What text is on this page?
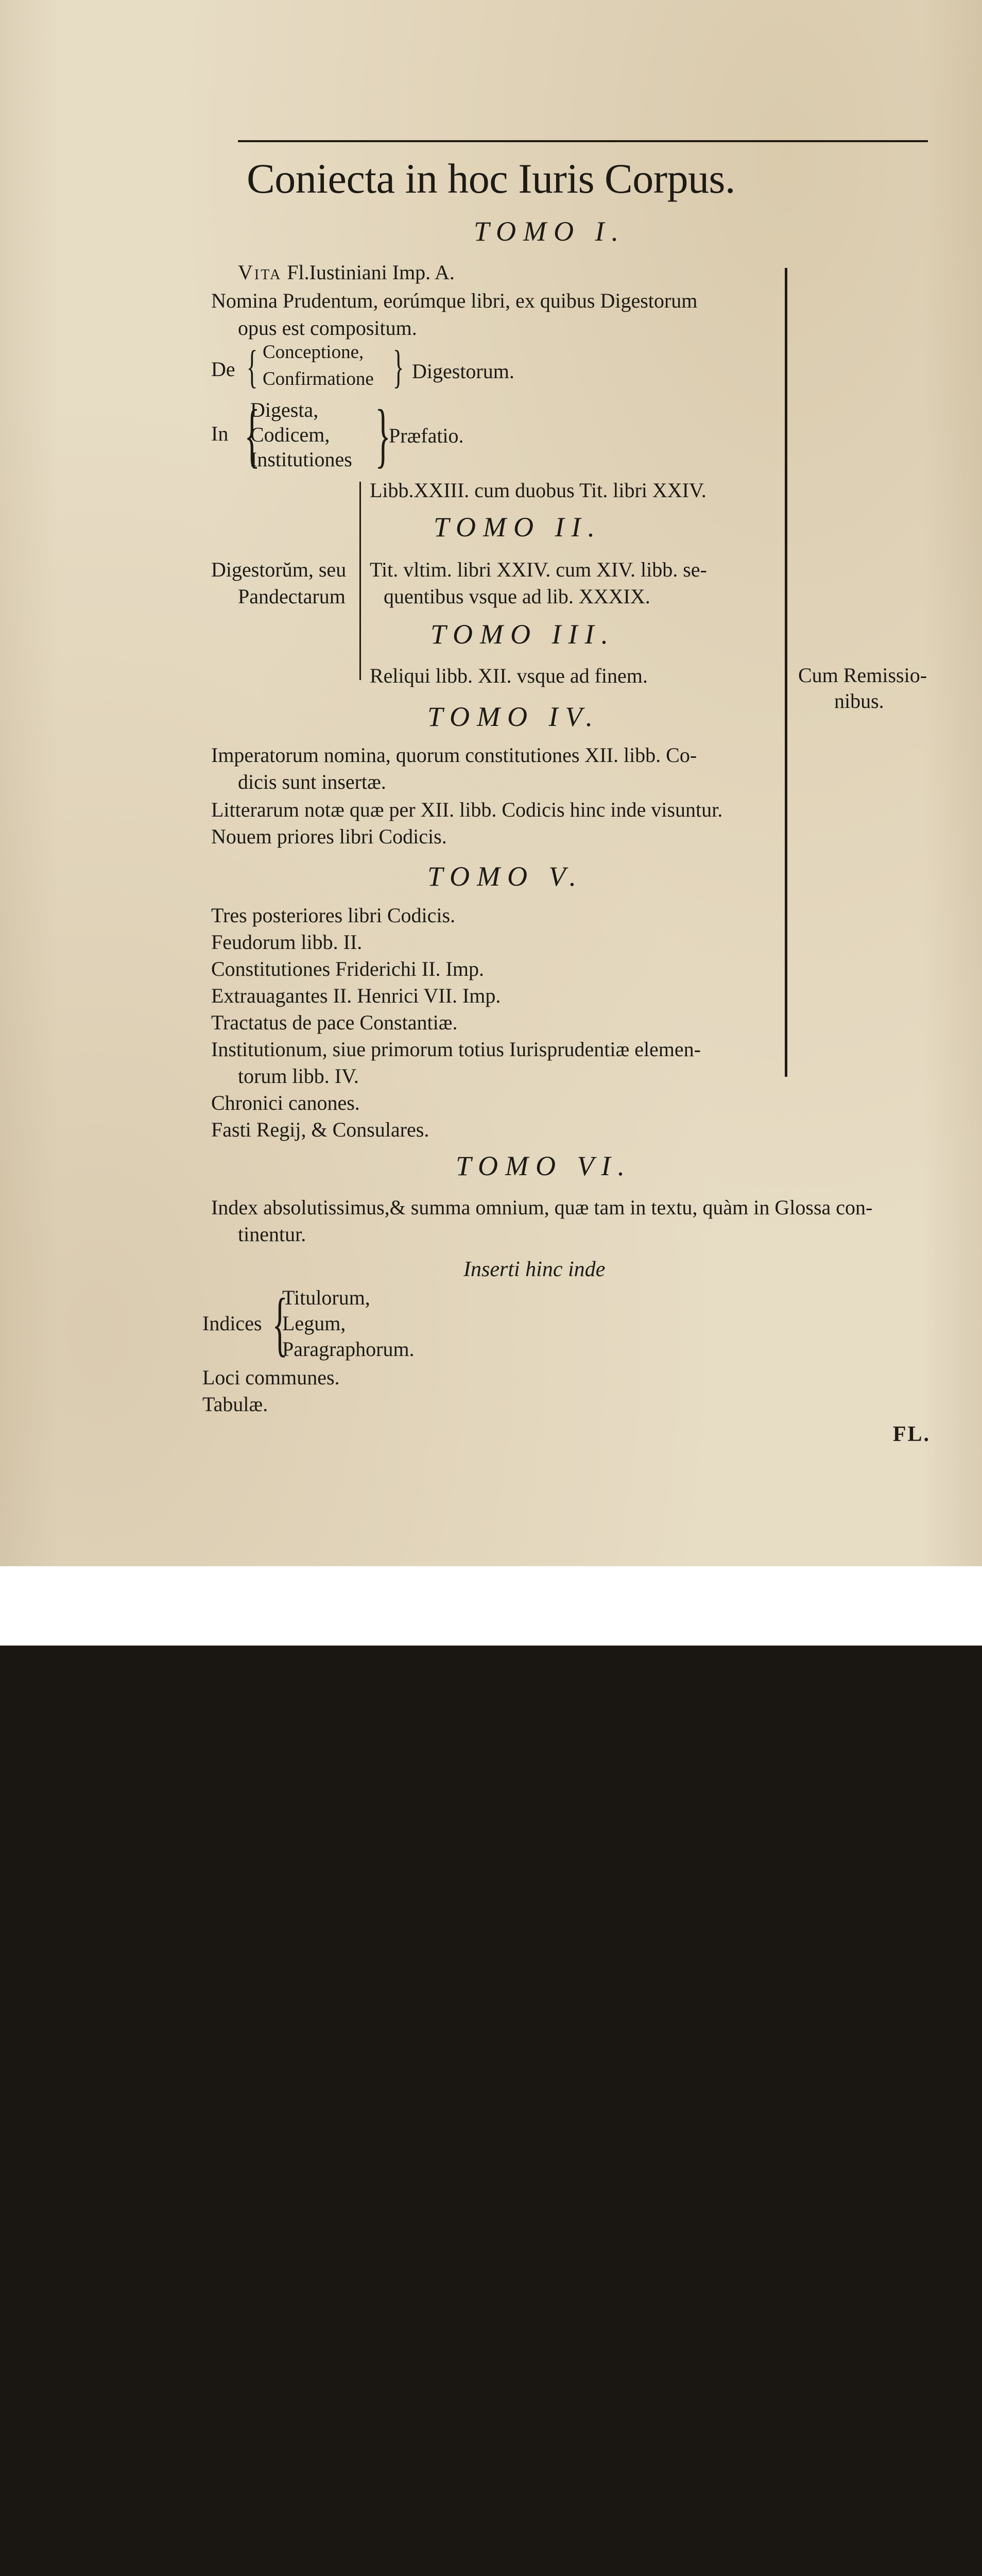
Coniecta in hoc Iuris Corpus.
TOMO I.
Vita Fl.Iustiniani Imp. A.
Nomina Prudentum, eorúmque libri, ex quibus Digestorum
opus est compositum.
De { Conceptione,
Confirmatione } Digestorum.
In {
Digesta,
Codicem,
Institutiones }
Præfatio.
Libb.XXIII. cum duobus Tit. libri XXIV.
TOMO II.
Digestorŭm, seu
Pandectarum
Tit. vltim. libri XXIV. cum XIV. libb. se-
quentibus vsque ad lib. XXXIX.
TOMO III.
Reliqui libb. XII. vsque ad finem.	Cum Remissio-
nibus.
TOMO IV.
Imperatorum nomina, quorum constitutiones XII. libb. Co-
dicis sunt insertæ.
Litterarum notæ quæ per XII. libb. Codicis hinc inde visuntur.
Nouem priores libri Codicis.
TOMO V.
Tres posteriores libri Codicis.
Feudorum libb. II.
Constitutiones Friderichi II. Imp.
Extrauagantes II. Henrici VII. Imp.
Tractatus de pace Constantiæ.
Institutionum, siue primorum totius Iurisprudentiæ elemen-
torum libb. IV.
Chronici canones.
Fasti Regij, & Consulares.
TOMO VI.
Index absolutissimus,& summa omnium, quæ tam in textu, quàm in Glossa con-
tinentur.
Inserti hinc inde
Indices {
Titulorum,
Legum,
Paragraphorum.
Loci communes.
Tabulæ.
FL.
